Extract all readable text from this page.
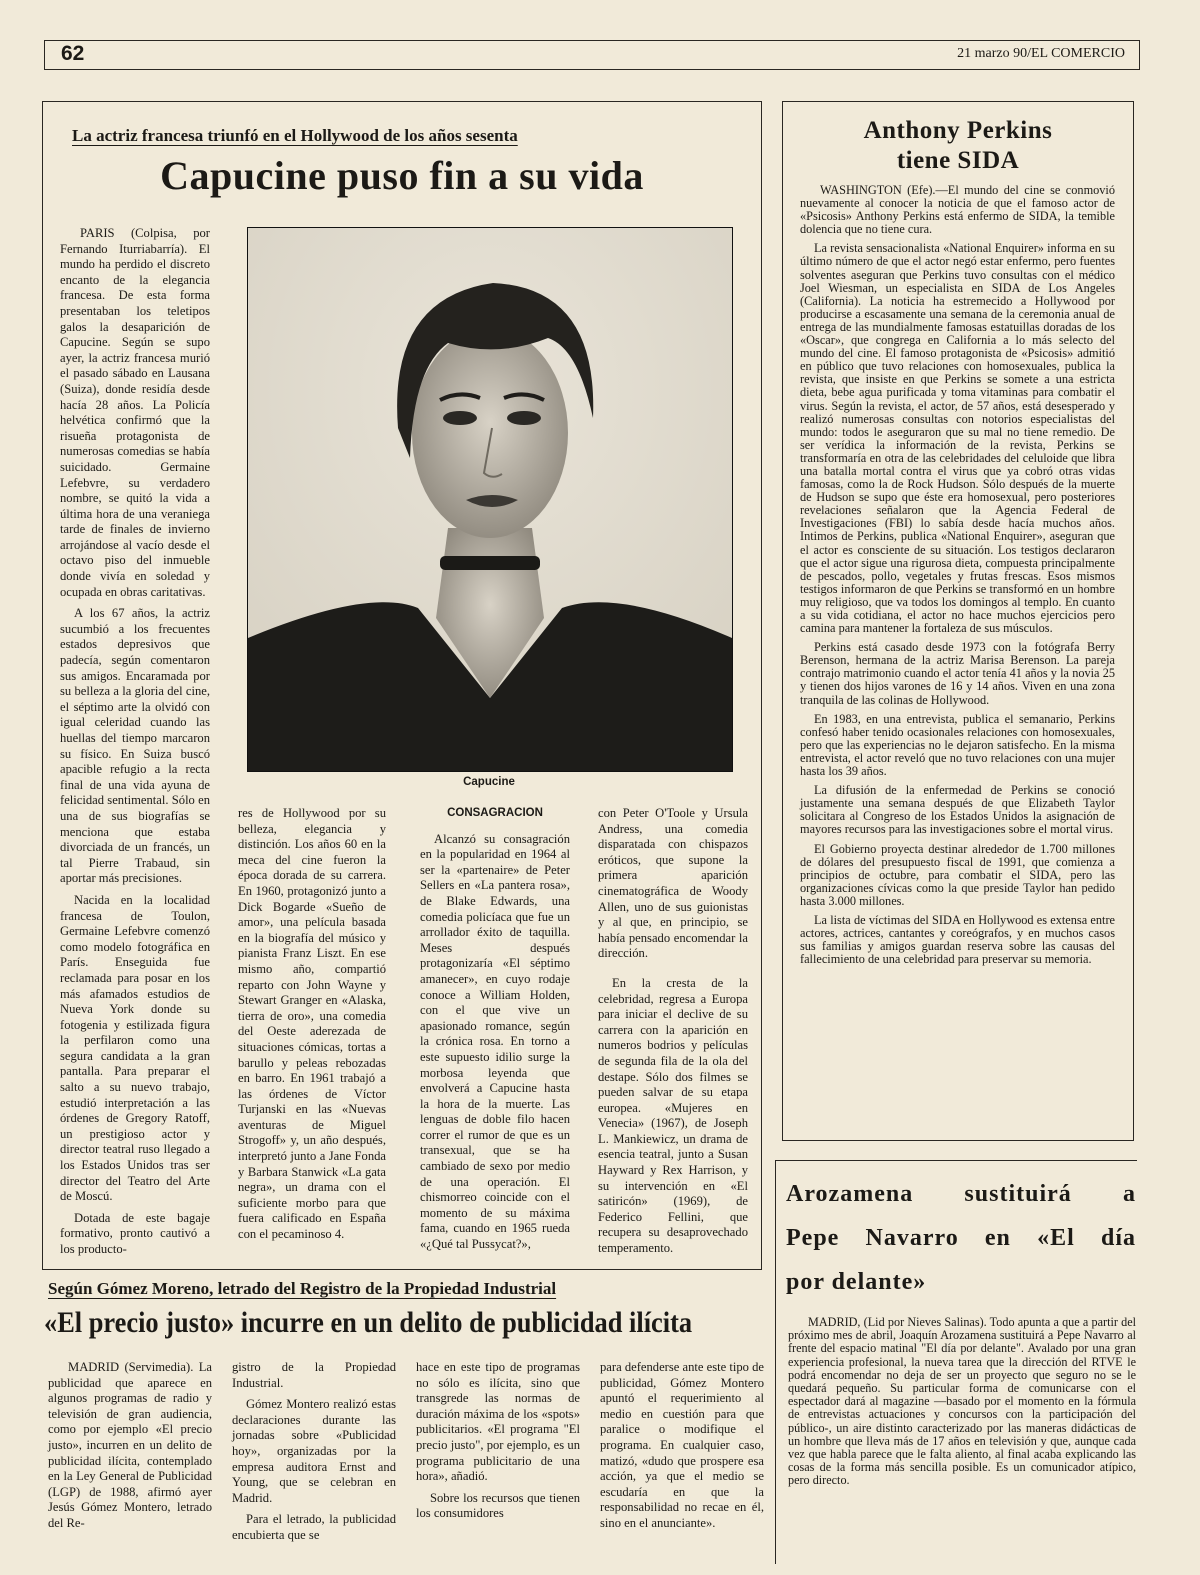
62	21 marzo 90/EL COMERCIO
La actriz francesa triunfó en el Hollywood de los años sesenta
Capucine puso fin a su vida
Capucine

PARIS (Colpisa, por Fernando Iturriabarría). El mundo ha perdido el discreto encanto de la elegancia francesa. De esta forma presentaban los teletipos galos la desaparición de Capucine. Según se supo ayer, la actriz francesa murió el pasado sábado en Lausana (Suiza), donde residía desde hacía 28 años. La Policía helvética confirmó que la risueña protagonista de numerosas comedias se había suicidado. Germaine Lefebvre, su verdadero nombre, se quitó la vida a última hora de una veraniega tarde de finales de invierno arrojándose al vacío desde el octavo piso del inmueble donde vivía en soledad y ocupada en obras caritativas.

A los 67 años, la actriz sucumbió a los frecuentes estados depresivos que padecía, según comentaron sus amigos. Encaramada por su belleza a la gloria del cine, el séptimo arte la olvidó con igual celeridad cuando las huellas del tiempo marcaron su físico. En Suiza buscó apacible refugio a la recta final de una vida ayuna de felicidad sentimental. Sólo en una de sus biografías se menciona que estaba divorciada de un francés, un tal Pierre Trabaud, sin aportar más precisiones.

Nacida en la localidad francesa de Toulon, Germaine Lefebvre comenzó como modelo fotográfica en París. Enseguida fue reclamada para posar en los más afamados estudios de Nueva York donde su fotogenia y estilizada figura la perfilaron como una segura candidata a la gran pantalla. Para preparar el salto a su nuevo trabajo, estudió interpretación a las órdenes de Gregory Ratoff, un prestigioso actor y director teatral ruso llegado a los Estados Unidos tras ser director del Teatro del Arte de Moscú.

Dotada de este bagaje formativo, pronto cautivó a los producto-

res de Hollywood por su belleza, elegancia y distinción. Los años 60 en la meca del cine fueron la época dorada de su carrera. En 1960, protagonizó junto a Dick Bogarde «Sueño de amor», una película basada en la biografía del músico y pianista Franz Liszt. En ese mismo año, compartió reparto con John Wayne y Stewart Granger en «Alaska, tierra de oro», una comedia del Oeste aderezada de situaciones cómicas, tortas a barullo y peleas rebozadas en barro. En 1961 trabajó a las órdenes de Víctor Turjanski en las «Nuevas aventuras de Miguel Strogoff» y, un año después, interpretó junto a Jane Fonda y Barbara Stanwick «La gata negra», un drama con el suficiente morbo para que fuera calificado en España con el pecaminoso 4.

CONSAGRACION

Alcanzó su consagración en la popularidad en 1964 al ser la «partenaire» de Peter Sellers en «La pantera rosa», de Blake Edwards, una comedia policíaca que fue un arrollador éxito de taquilla. Meses después protagonizaría «El séptimo amanecer», en cuyo rodaje conoce a William Holden, con el que vive un apasionado romance, según la crónica rosa. En torno a este supuesto idilio surge la morbosa leyenda que envolverá a Capucine hasta la hora de la muerte. Las lenguas de doble filo hacen correr el rumor de que es un transexual, que se ha cambiado de sexo por medio de una operación. El chismorreo coincide con el momento de su máxima fama, cuando en 1965 rueda «¿Qué tal Pussycat?»,

con Peter O'Toole y Ursula Andress, una comedia disparatada con chispazos eróticos, que supone la primera aparición cinematográfica de Woody Allen, uno de sus guionistas y al que, en principio, se había pensado encomendar la dirección.

En la cresta de la celebridad, regresa a Europa para iniciar el declive de su carrera con la aparición en numeros bodrios y películas de segunda fila de la ola del destape. Sólo dos filmes se pueden salvar de su etapa europea. «Mujeres en Venecia» (1967), de Joseph L. Mankiewicz, un drama de esencia teatral, junto a Susan Hayward y Rex Harrison, y su intervención en «El satiricón» (1969), de Federico Fellini, que recupera su desaprovechado temperamento.

Anthony Perkins
tiene SIDA

WASHINGTON (Efe).—El mundo del cine se conmovió nuevamente al conocer la noticia de que el famoso actor de «Psicosis» Anthony Perkins está enfermo de SIDA, la temible dolencia que no tiene cura.

La revista sensacionalista «National Enquirer» informa en su último número de que el actor negó estar enfermo, pero fuentes solventes aseguran que Perkins tuvo consultas con el médico Joel Wiesman, un especialista en SIDA de Los Angeles (California). La noticia ha estremecido a Hollywood por producirse a escasamente una semana de la ceremonia anual de entrega de las mundialmente famosas estatuillas doradas de los «Oscar», que congrega en California a lo más selecto del mundo del cine. El famoso protagonista de «Psicosis» admitió en público que tuvo relaciones con homosexuales, publica la revista, que insiste en que Perkins se somete a una estricta dieta, bebe agua purificada y toma vitaminas para combatir el virus. Según la revista, el actor, de 57 años, está desesperado y realizó numerosas consultas con notorios especialistas del mundo: todos le aseguraron que su mal no tiene remedio. De ser verídica la información de la revista, Perkins se transformaría en otra de las celebridades del celuloide que libra una batalla mortal contra el virus que ya cobró otras vidas famosas, como la de Rock Hudson. Sólo después de la muerte de Hudson se supo que éste era homosexual, pero posteriores revelaciones señalaron que la Agencia Federal de Investigaciones (FBI) lo sabía desde hacía muchos años. Intimos de Perkins, publica «National Enquirer», aseguran que el actor es consciente de su situación. Los testigos declararon que el actor sigue una rigurosa dieta, compuesta principalmente de pescados, pollo, vegetales y frutas frescas. Esos mismos testigos informaron de que Perkins se transformó en un hombre muy religioso, que va todos los domingos al templo. En cuanto a su vida cotidiana, el actor no hace muchos ejercicios pero camina para mantener la fortaleza de sus músculos.

Perkins está casado desde 1973 con la fotógrafa Berry Berenson, hermana de la actriz Marisa Berenson. La pareja contrajo matrimonio cuando el actor tenía 41 años y la novia 25 y tienen dos hijos varones de 16 y 14 años. Viven en una zona tranquila de las colinas de Hollywood.

En 1983, en una entrevista, publica el semanario, Perkins confesó haber tenido ocasionales relaciones con homosexuales, pero que las experiencias no le dejaron satisfecho. En la misma entrevista, el actor reveló que no tuvo relaciones con una mujer hasta los 39 años.

La difusión de la enfermedad de Perkins se conoció justamente una semana después de que Elizabeth Taylor solicitara al Congreso de los Estados Unidos la asignación de mayores recursos para las investigaciones sobre el mortal virus.

El Gobierno proyecta destinar alrededor de 1.700 millones de dólares del presupuesto fiscal de 1991, que comienza a principios de octubre, para combatir el SIDA, pero las organizaciones cívicas como la que preside Taylor han pedido hasta 3.000 millones.

La lista de víctimas del SIDA en Hollywood es extensa entre actores, actrices, cantantes y coreógrafos, y en muchos casos sus familias y amigos guardan reserva sobre las causas del fallecimiento de una celebridad para preservar su memoria.

Arozamena sustituirá a
Pepe Navarro en «El día
por delante»

MADRID, (Lid por Nieves Salinas). Todo apunta a que a partir del próximo mes de abril, Joaquín Arozamena sustituirá a Pepe Navarro al frente del espacio matinal "El día por delante". Avalado por una gran experiencia profesional, la nueva tarea que la dirección del RTVE le podrá encomendar no deja de ser un proyecto que seguro no se le quedará pequeño. Su particular forma de comunicarse con el espectador dará al magazine —basado por el momento en la fórmula de entrevistas actuaciones y concursos con la participación del público-, un aire distinto caracterizado por las maneras didácticas de un hombre que lleva más de 17 años en televisión y que, aunque cada vez que habla parece que le falta aliento, al final acaba explicando las cosas de la forma más sencilla posible. Es un comunicador atípico, pero directo.

Según Gómez Moreno, letrado del Registro de la Propiedad Industrial
«El precio justo» incurre en un delito de publicidad ilícita

MADRID (Servimedia). La publicidad que aparece en algunos programas de radio y televisión de gran audiencia, como por ejemplo «El precio justo», incurren en un delito de publicidad ilícita, contemplado en la Ley General de Publicidad (LGP) de 1988, afirmó ayer Jesús Gómez Montero, letrado del Re-

gistro de la Propiedad Industrial.

Gómez Montero realizó estas declaraciones durante las jornadas sobre «Publicidad hoy», organizadas por la empresa auditora Ernst and Young, que se celebran en Madrid.

Para el letrado, la publicidad encubierta que se

hace en este tipo de programas no sólo es ilícita, sino que transgrede las normas de duración máxima de los «spots» publicitarios. «El programa "El precio justo", por ejemplo, es un programa publicitario de una hora», añadió.

Sobre los recursos que tienen los consumidores

para defenderse ante este tipo de publicidad, Gómez Montero apuntó el requerimiento al medio en cuestión para que paralice o modifique el programa. En cualquier caso, matizó, «dudo que prospere esa acción, ya que el medio se escudaría en que la responsabilidad no recae en él, sino en el anunciante».
